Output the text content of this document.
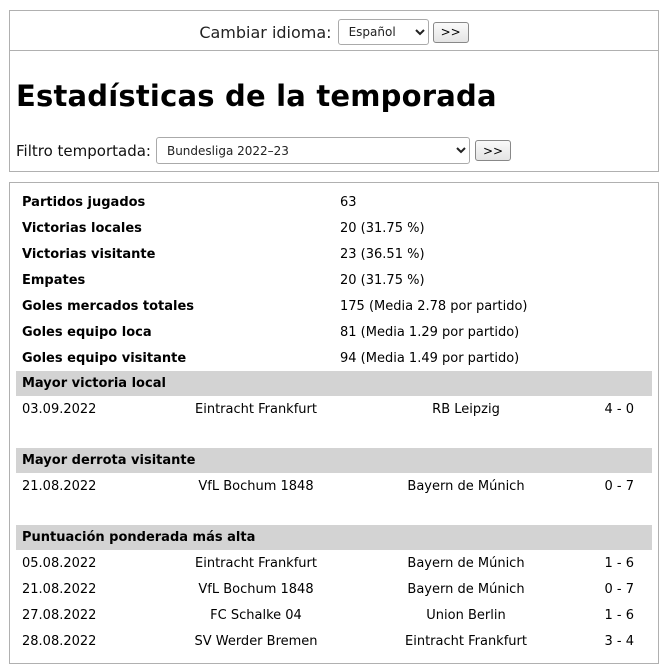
Cambiar idioma:
Español	>>
Estadísticas de la temporada
Filtro temportada:
Bundesliga 2022–23	>>
Partidos jugados	63
Victorias locales	20 (31.75 %)
Victorias visitante	23 (36.51 %)
Empates	20 (31.75 %)
Goles mercados totales	175 (Media 2.78 por partido)
Goles equipo loca	81 (Media 1.29 por partido)
Goles equipo visitante	94 (Media 1.49 por partido)
Mayor victoria local			
03.09.2022	Eintracht Frankfurt	RB Leipzig	4 - 0

Mayor derrota visitante			
21.08.2022	VfL Bochum 1848	Bayern de Múnich	0 - 7

Puntuación ponderada más alta			
05.08.2022	Eintracht Frankfurt	Bayern de Múnich	1 - 6
21.08.2022	VfL Bochum 1848	Bayern de Múnich	0 - 7
27.08.2022	FC Schalke 04	Union Berlin	1 - 6
28.08.2022	SV Werder Bremen	Eintracht Frankfurt	3 - 4
